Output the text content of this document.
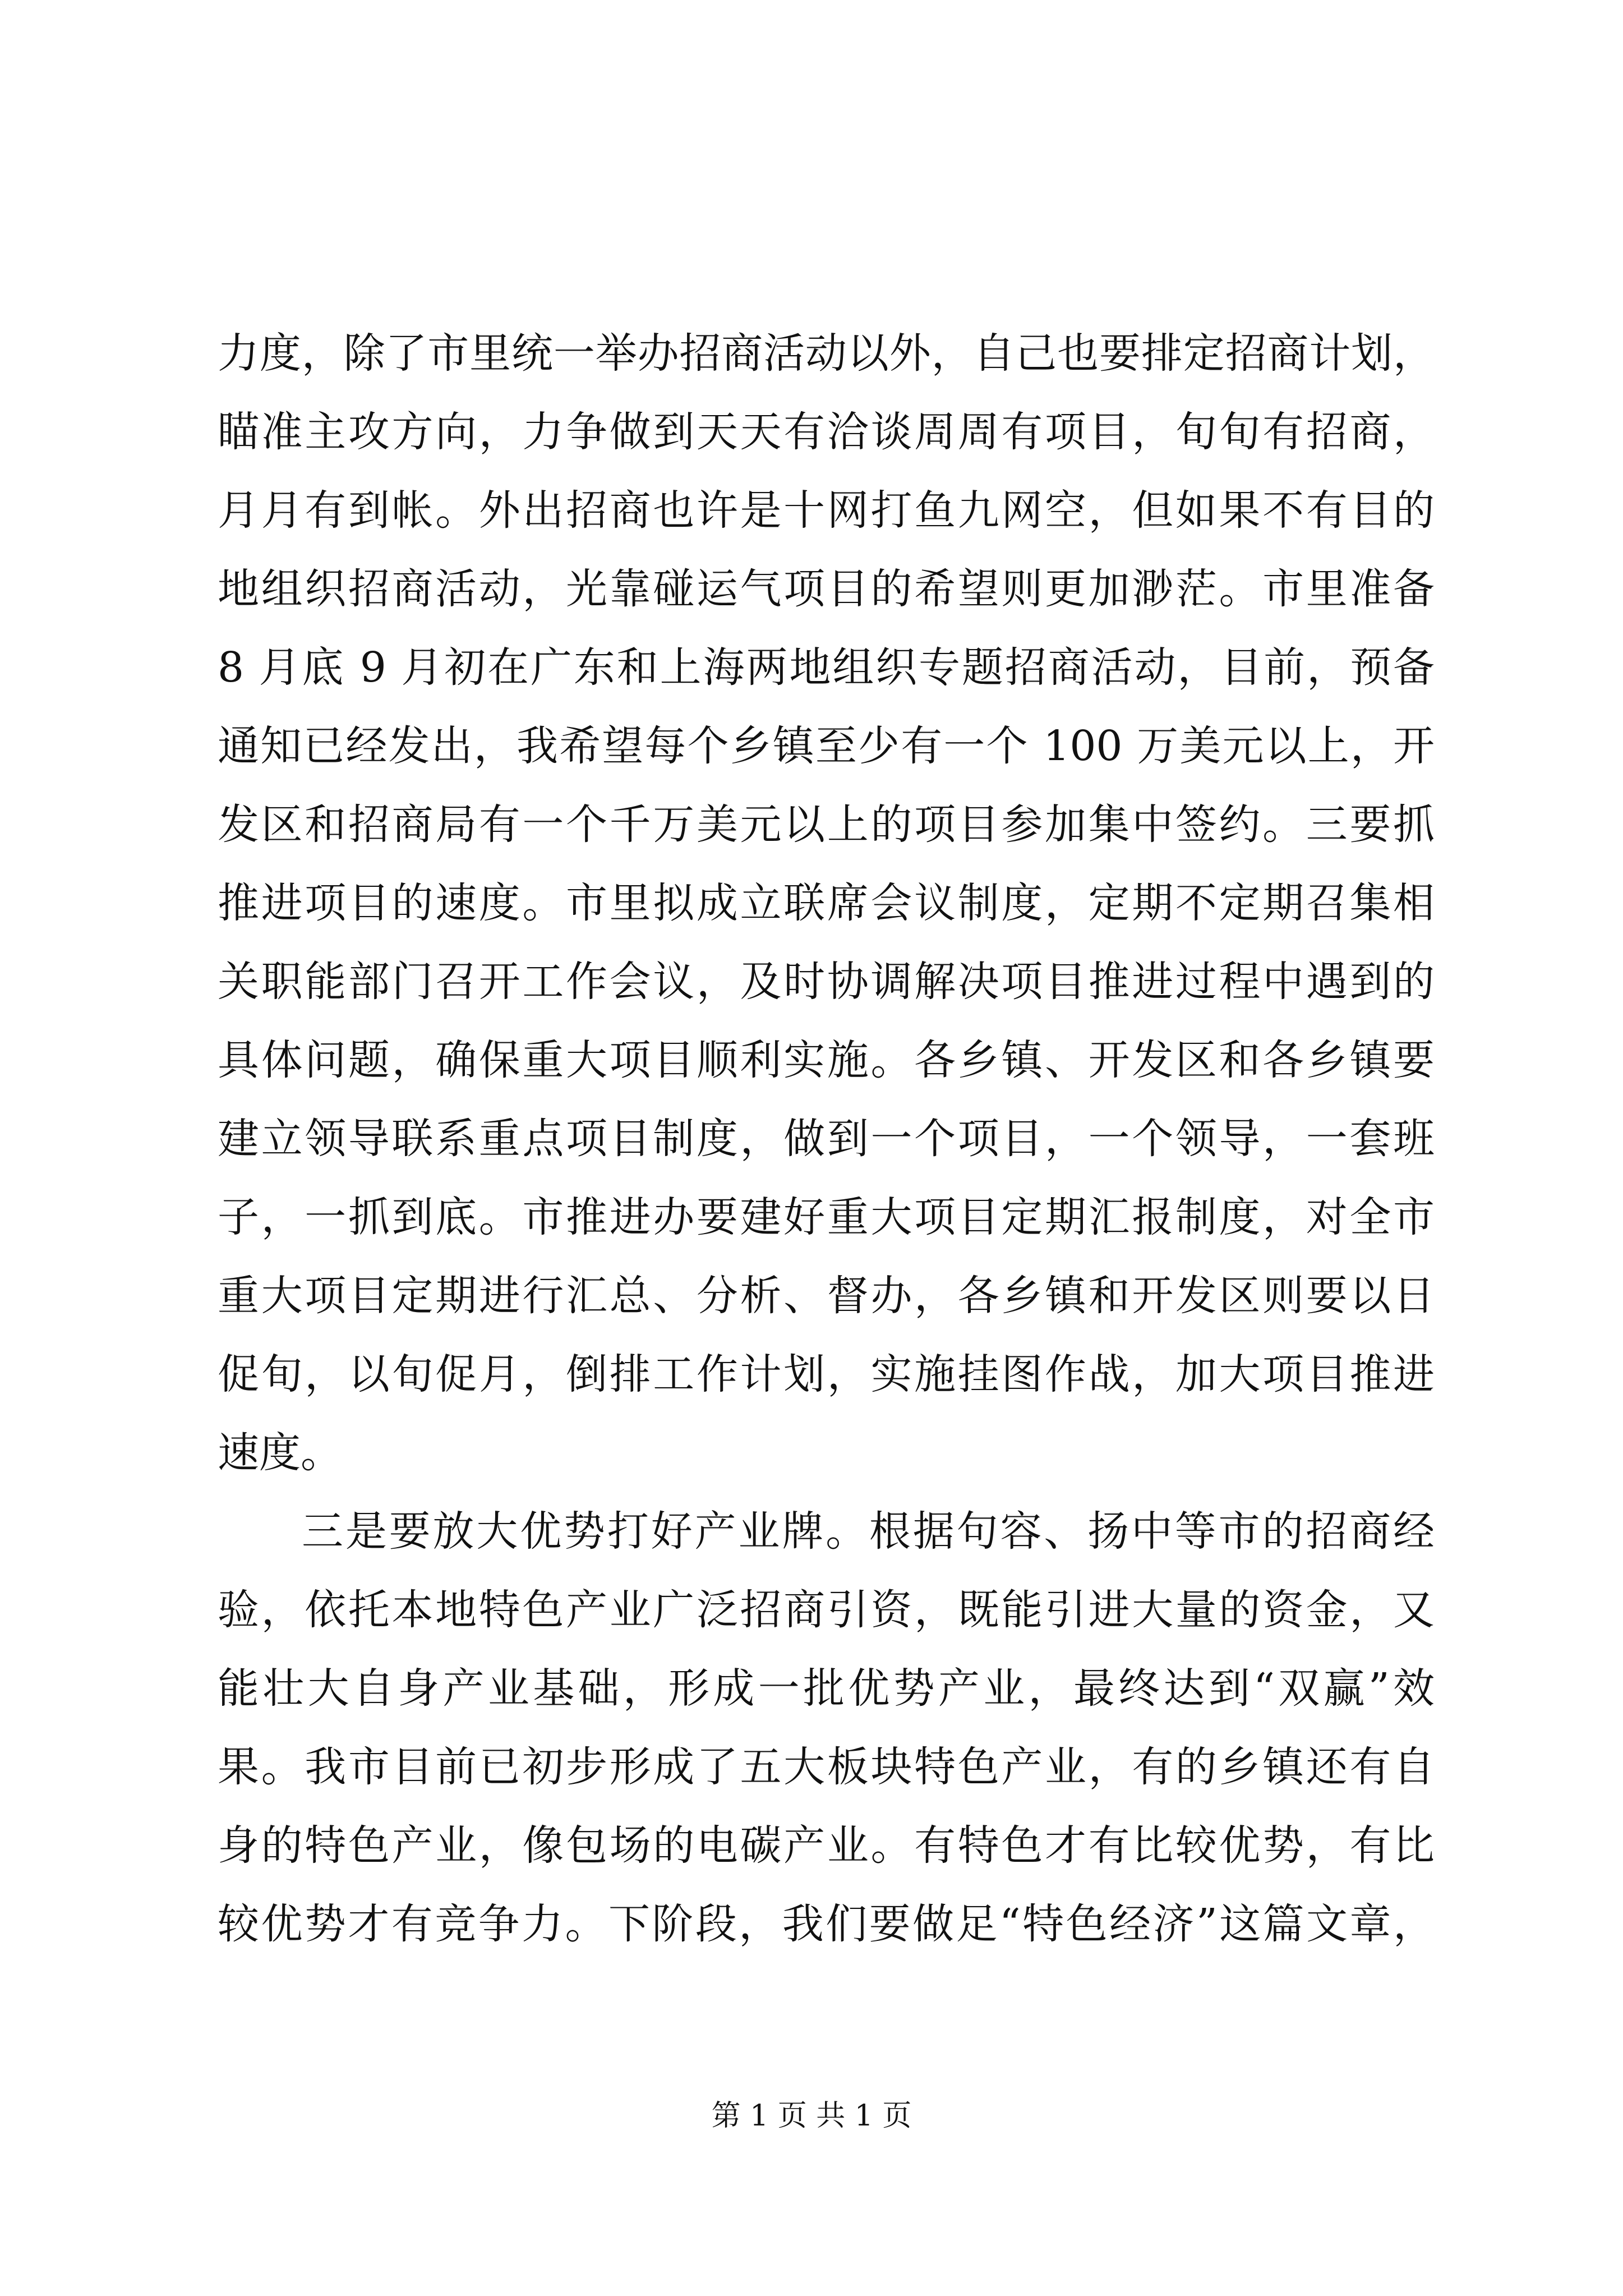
力度，除了市里统一举办招商活动以外，自己也要排定招商计划，
瞄准主攻方向，力争做到天天有洽谈周周有项目，旬旬有招商，
月月有到帐。外出招商也许是十网打鱼九网空，但如果不有目的
地组织招商活动，光靠碰运气项目的希望则更加渺茫。市里准备
8 月底 9 月初在广东和上海两地组织专题招商活动，目前，预备
通知已经发出，我希望每个乡镇至少有一个 100 万美元以上，开
发区和招商局有一个千万美元以上的项目参加集中签约。三要抓
推进项目的速度。市里拟成立联席会议制度，定期不定期召集相
关职能部门召开工作会议，及时协调解决项目推进过程中遇到的
具体问题，确保重大项目顺利实施。各乡镇、开发区和各乡镇要
建立领导联系重点项目制度，做到一个项目，一个领导，一套班
子，一抓到底。市推进办要建好重大项目定期汇报制度，对全市
重大项目定期进行汇总、分析、督办，各乡镇和开发区则要以日
促旬，以旬促月，倒排工作计划，实施挂图作战，加大项目推进
速度。
三是要放大优势打好产业牌。根据句容、扬中等市的招商经
验，依托本地特色产业广泛招商引资，既能引进大量的资金，又
能壮大自身产业基础，形成一批优势产业，最终达到“双赢”效
果。我市目前已初步形成了五大板块特色产业，有的乡镇还有自
身的特色产业，像包场的电碳产业。有特色才有比较优势，有比
较优势才有竞争力。下阶段，我们要做足“特色经济”这篇文章，
第 1 页 共 1 页
